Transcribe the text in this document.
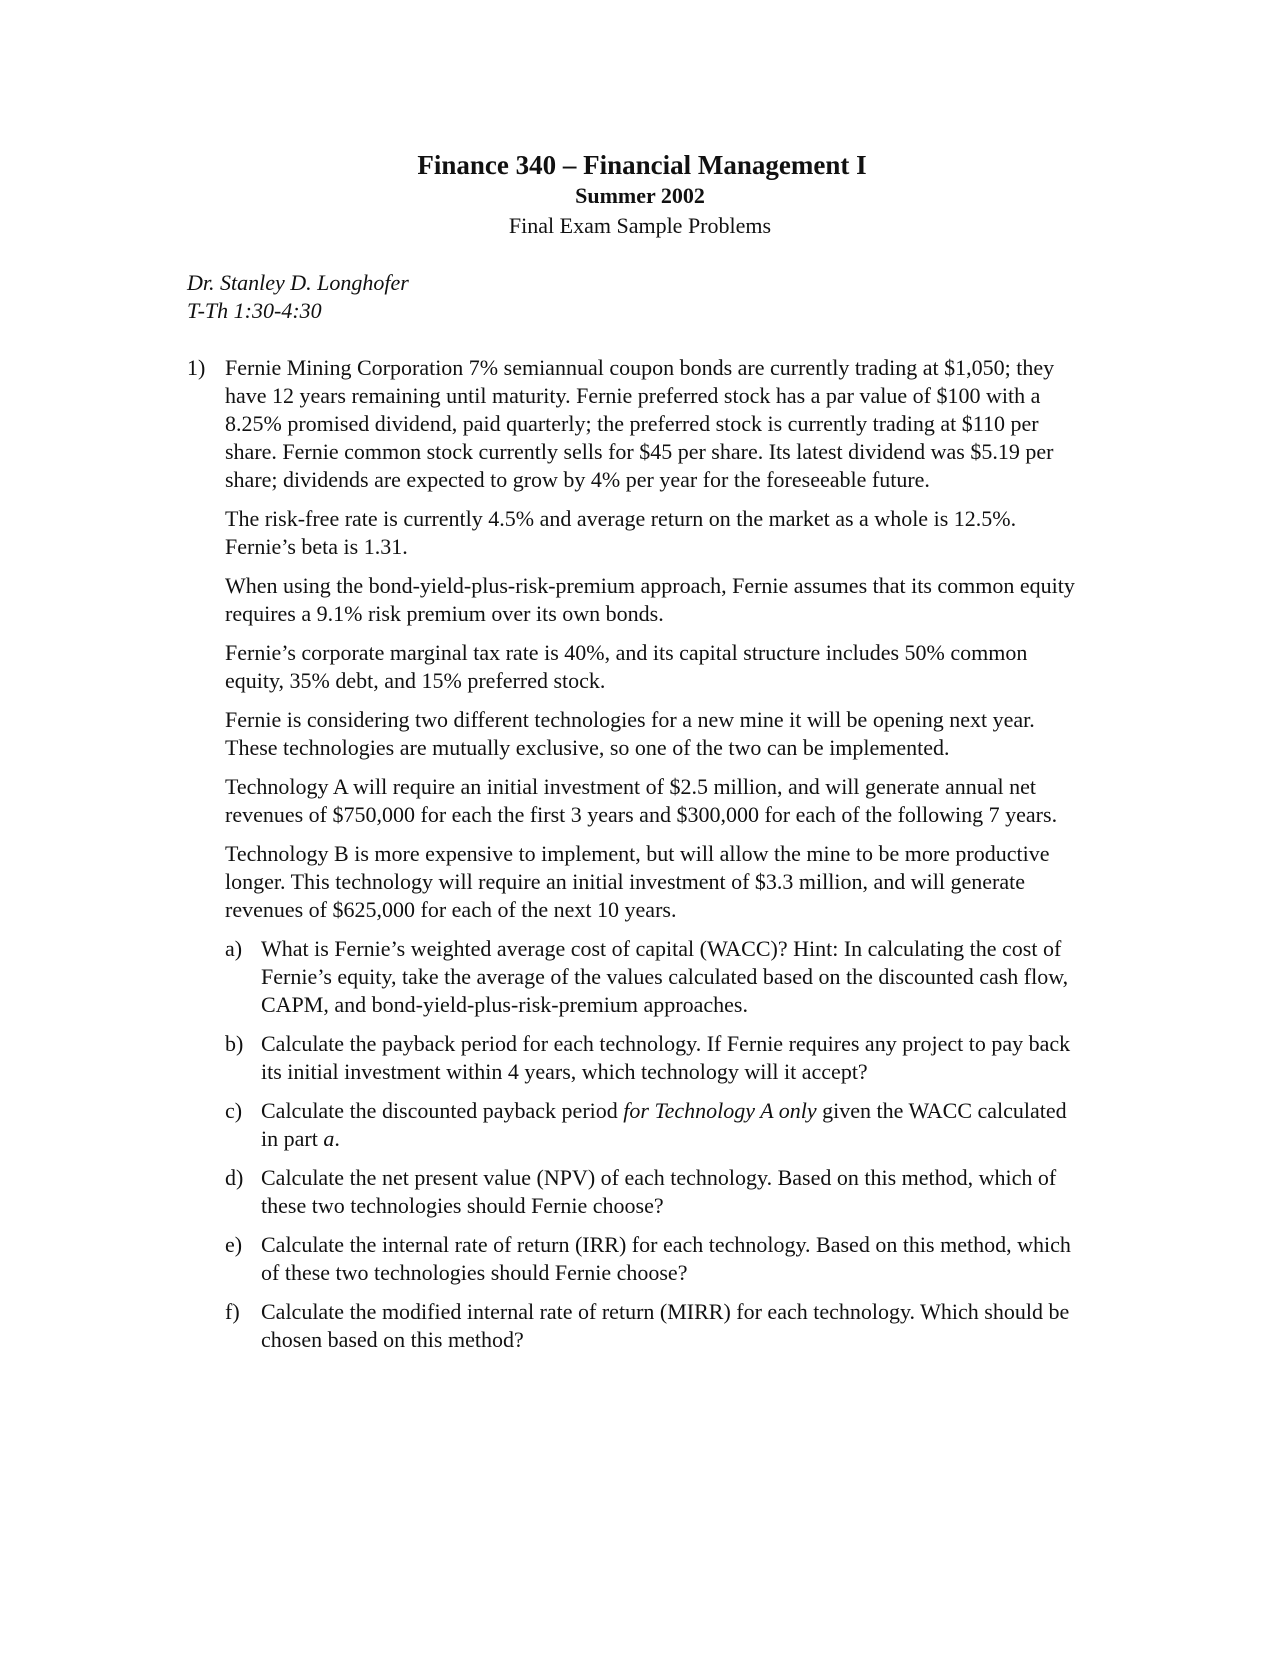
Finance 340 – Financial Management I
Summer 2002
Final Exam Sample Problems
Dr. Stanley D. Longhofer
T-Th 1:30-4:30
1) Fernie Mining Corporation 7% semiannual coupon bonds are currently trading at $1,050; they have 12 years remaining until maturity. Fernie preferred stock has a par value of $100 with a 8.25% promised dividend, paid quarterly; the preferred stock is currently trading at $110 per share. Fernie common stock currently sells for $45 per share. Its latest dividend was $5.19 per share; dividends are expected to grow by 4% per year for the foreseeable future.

The risk-free rate is currently 4.5% and average return on the market as a whole is 12.5%. Fernie’s beta is 1.31.

When using the bond-yield-plus-risk-premium approach, Fernie assumes that its common equity requires a 9.1% risk premium over its own bonds.

Fernie’s corporate marginal tax rate is 40%, and its capital structure includes 50% common equity, 35% debt, and 15% preferred stock.

Fernie is considering two different technologies for a new mine it will be opening next year. These technologies are mutually exclusive, so one of the two can be implemented.

Technology A will require an initial investment of $2.5 million, and will generate annual net revenues of $750,000 for each the first 3 years and $300,000 for each of the following 7 years.

Technology B is more expensive to implement, but will allow the mine to be more productive longer. This technology will require an initial investment of $3.3 million, and will generate revenues of $625,000 for each of the next 10 years.

a) What is Fernie’s weighted average cost of capital (WACC)? Hint: In calculating the cost of Fernie’s equity, take the average of the values calculated based on the discounted cash flow, CAPM, and bond-yield-plus-risk-premium approaches.
b) Calculate the payback period for each technology. If Fernie requires any project to pay back its initial investment within 4 years, which technology will it accept?
c) Calculate the discounted payback period for Technology A only given the WACC calculated in part a.
d) Calculate the net present value (NPV) of each technology. Based on this method, which of these two technologies should Fernie choose?
e) Calculate the internal rate of return (IRR) for each technology. Based on this method, which of these two technologies should Fernie choose?
f) Calculate the modified internal rate of return (MIRR) for each technology. Which should be chosen based on this method?
